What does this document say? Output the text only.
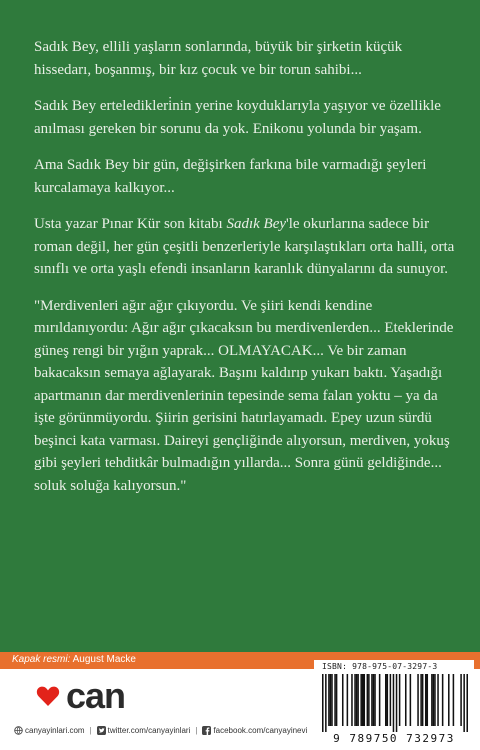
Sadık Bey, ellili yaşların sonlarında, büyük bir şirketin küçük hissedarı, boşanmış, bir kız çocuk ve bir torun sahibi...

Sadık Bey erteledikleri̇nin yerine koyduklarıyla yaşıyor ve özellikle anılması gereken bir sorunu da yok. Enikonu yolunda bir yaşam.

Ama Sadık Bey bir gün, değişirken farkına bile varmadığı şeyleri kurcalamaya kalkıyor...

Usta yazar Pınar Kür son kitabı Sadık Bey'le okurlarına sadece bir roman değil, her gün çeşitli benzerleriyle karşılaştıkları orta halli, orta sınıflı ve orta yaşlı efendi insanların karanlık dünyalarını da sunuyor.

"Merdivenleri ağır ağır çıkıyordu. Ve şiiri kendi kendine mırıldanıyordu: Ağır ağır çıkacaksın bu merdivenlerden... Eteklerinde güneş rengi bir yığın yaprak... OLMAYACAK... Ve bir zaman bakacaksın semaya ağlayarak. Başını kaldırıp yukarı baktı. Yaşadığı apartmanın dar merdivenlerinin tepesinde sema falan yoktu – ya da işte görünmüyordu. Şiirin gerisini hatırlayamadı. Epey uzun sürdü beşinci kata varması. Daireyi gençliğinde alıyorsun, merdiven, yokuş gibi şeyleri tehditkâr bulmadığın yıllarda... Sonra günü geldiğinde... soluk soluğa kalıyorsun."

Kapak resmi: August Macke
can
canyayinlari.com | twitter.com/canyayinlari | facebook.com/canyayinevi
ISBN: 978-975-07-3297-3
9 789750 732973
